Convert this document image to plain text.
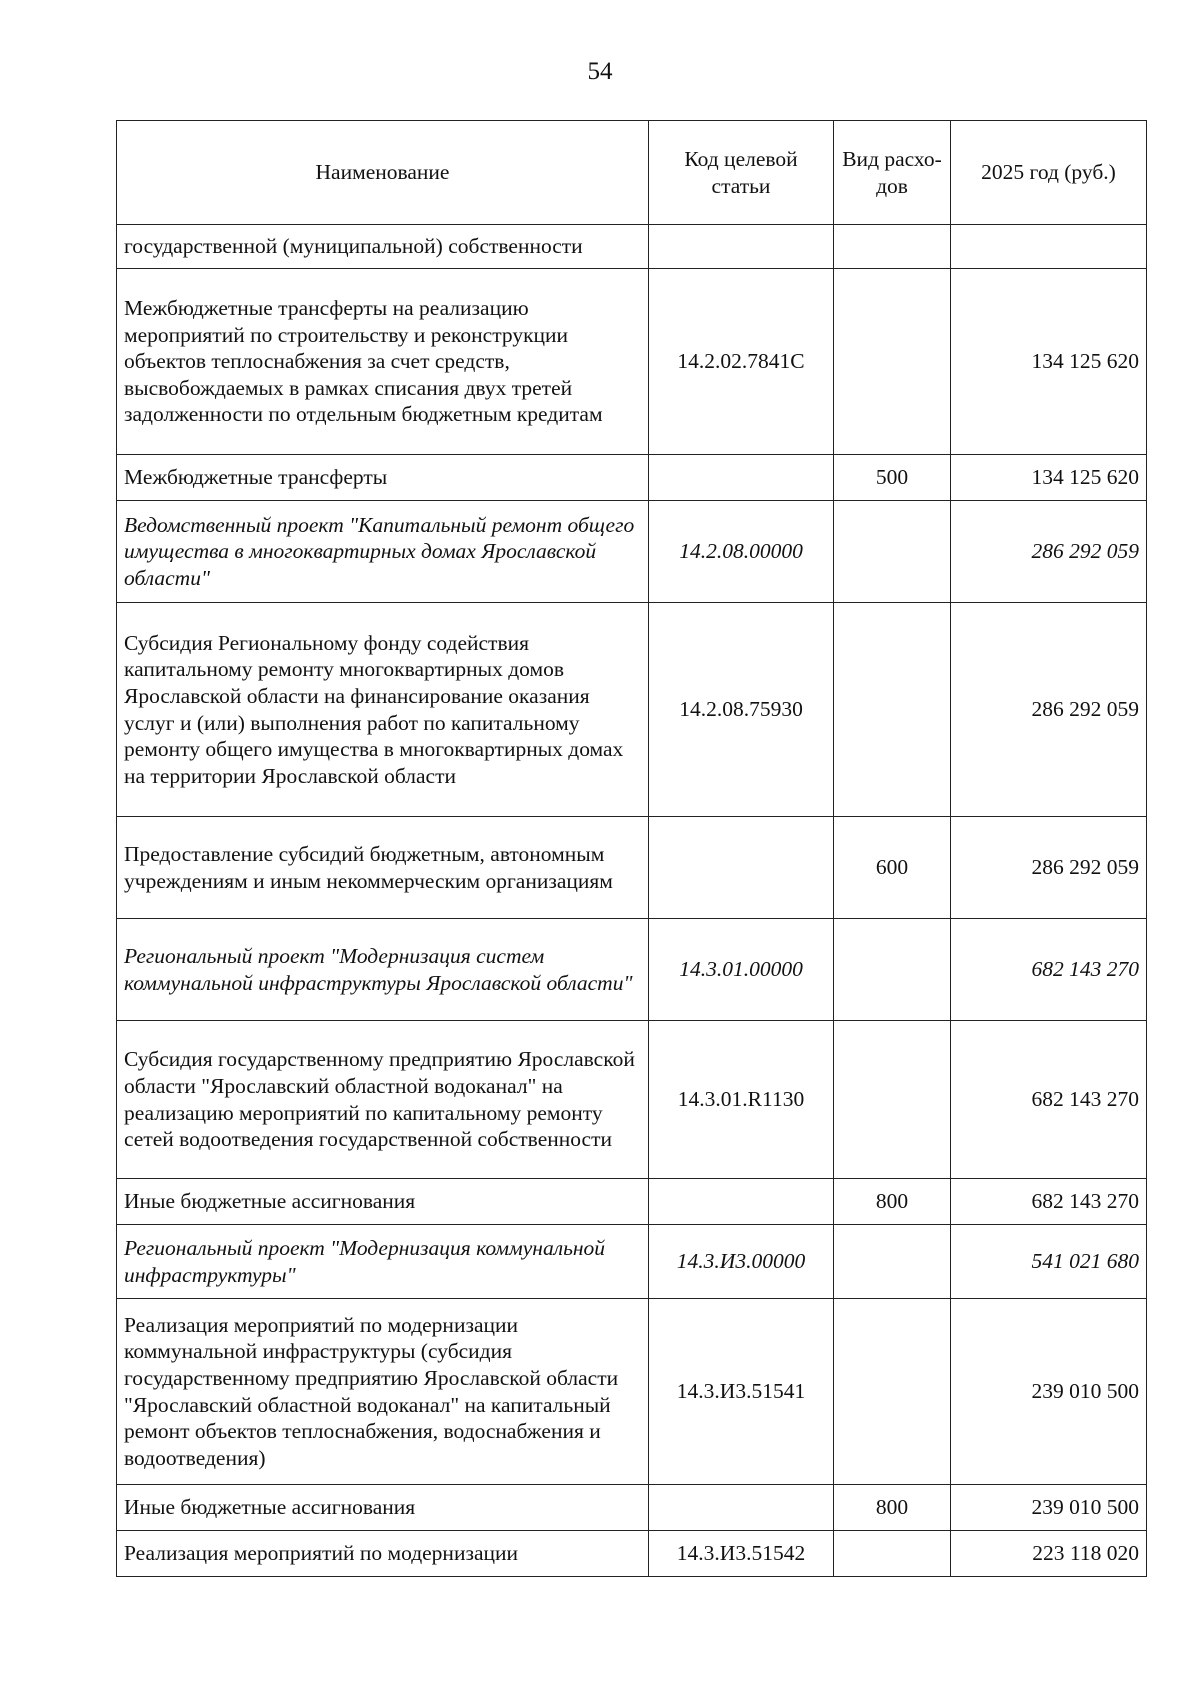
54
Наименование	Код целевой статьи	Вид расхо-дов	2025 год (руб.)
государственной (муниципальной) собственности			
Межбюджетные трансферты на реализацию мероприятий по строительству и реконструкции объектов теплоснабжения за счет средств, высвобождаемых в рамках списания двух третей задолженности по отдельным бюджетным кредитам	14.2.02.7841С		134 125 620
Межбюджетные трансферты		500	134 125 620
Ведомственный проект "Капитальный ремонт общего имущества в многоквартирных домах Ярославской области"	14.2.08.00000		286 292 059
Субсидия Региональному фонду содействия капитальному ремонту многоквартирных домов Ярославской области на финансирование оказания услуг и (или) выполнения работ по капитальному ремонту общего имущества в многоквартирных домах на территории Ярославской области	14.2.08.75930		286 292 059
Предоставление субсидий бюджетным, автономным учреждениям и иным некоммерческим организациям		600	286 292 059
Региональный проект "Модернизация систем коммунальной инфраструктуры Ярославской области"	14.3.01.00000		682 143 270
Субсидия государственному предприятию Ярославской области "Ярославский областной водоканал" на реализацию мероприятий по капитальному ремонту сетей водоотведения государственной собственности	14.3.01.R1130		682 143 270
Иные бюджетные ассигнования		800	682 143 270
Региональный проект "Модернизация коммунальной инфраструктуры"	14.3.И3.00000		541 021 680
Реализация мероприятий по модернизации коммунальной инфраструктуры (субсидия государственному предприятию Ярославской области "Ярославский областной водоканал" на капитальный ремонт объектов теплоснабжения, водоснабжения и водоотведения)	14.3.И3.51541		239 010 500
Иные бюджетные ассигнования		800	239 010 500
Реализация мероприятий по модернизации	14.3.И3.51542		223 118 020
